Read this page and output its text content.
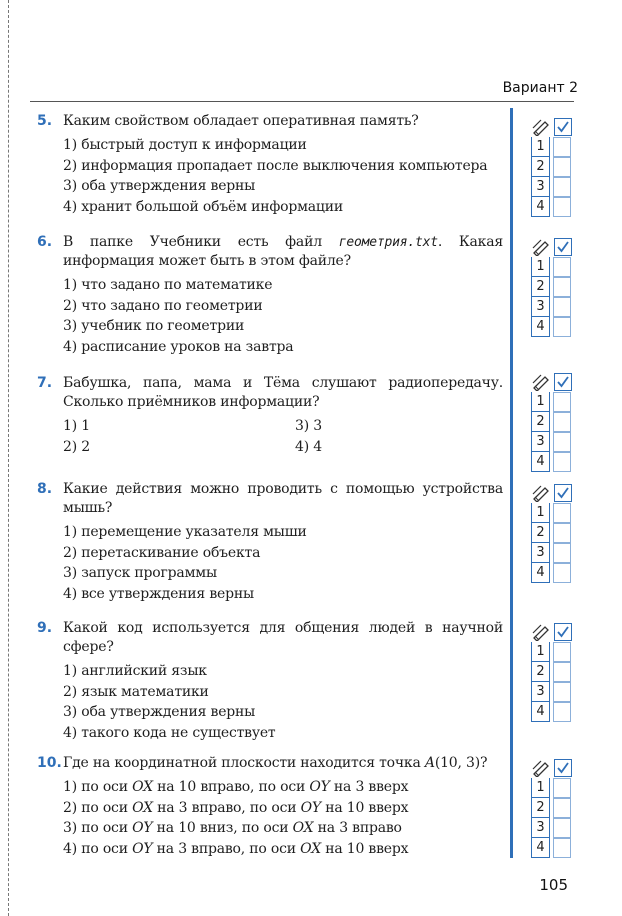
Вариант 2
5. Каким свойством обладает оперативная память?
1) быстрый доступ к информации
2) информация пропадает после выключения компьютера
3) оба утверждения верны
4) хранит большой объём информации
6. В папке Учебники есть файл геометрия.txt. Какая информация может быть в этом файле?
1) что задано по математике
2) что задано по геометрии
3) учебник по геометрии
4) расписание уроков на завтра
7. Бабушка, папа, мама и Тёма слушают радиопередачу. Сколько приёмников информации?
1) 1	3) 3
2) 2	4) 4
8. Какие действия можно проводить с помощью устройства мышь?
1) перемещение указателя мыши
2) перетаскивание объекта
3) запуск программы
4) все утверждения верны
9. Какой код используется для общения людей в научной сфере?
1) английский язык
2) язык математики
3) оба утверждения верны
4) такого кода не существует
10. Где на координатной плоскости находится точка A(10, 3)?
1) по оси OX на 10 вправо, по оси OY на 3 вверх
2) по оси OX на 3 вправо, по оси OY на 10 вверх
3) по оси OY на 10 вниз, по оси OX на 3 вправо
4) по оси OY на 3 вправо, по оси OX на 10 вверх
1
2
3
4
1
2
3
4
1
2
3
4
1
2
3
4
1
2
3
4
1
2
3
4
105
